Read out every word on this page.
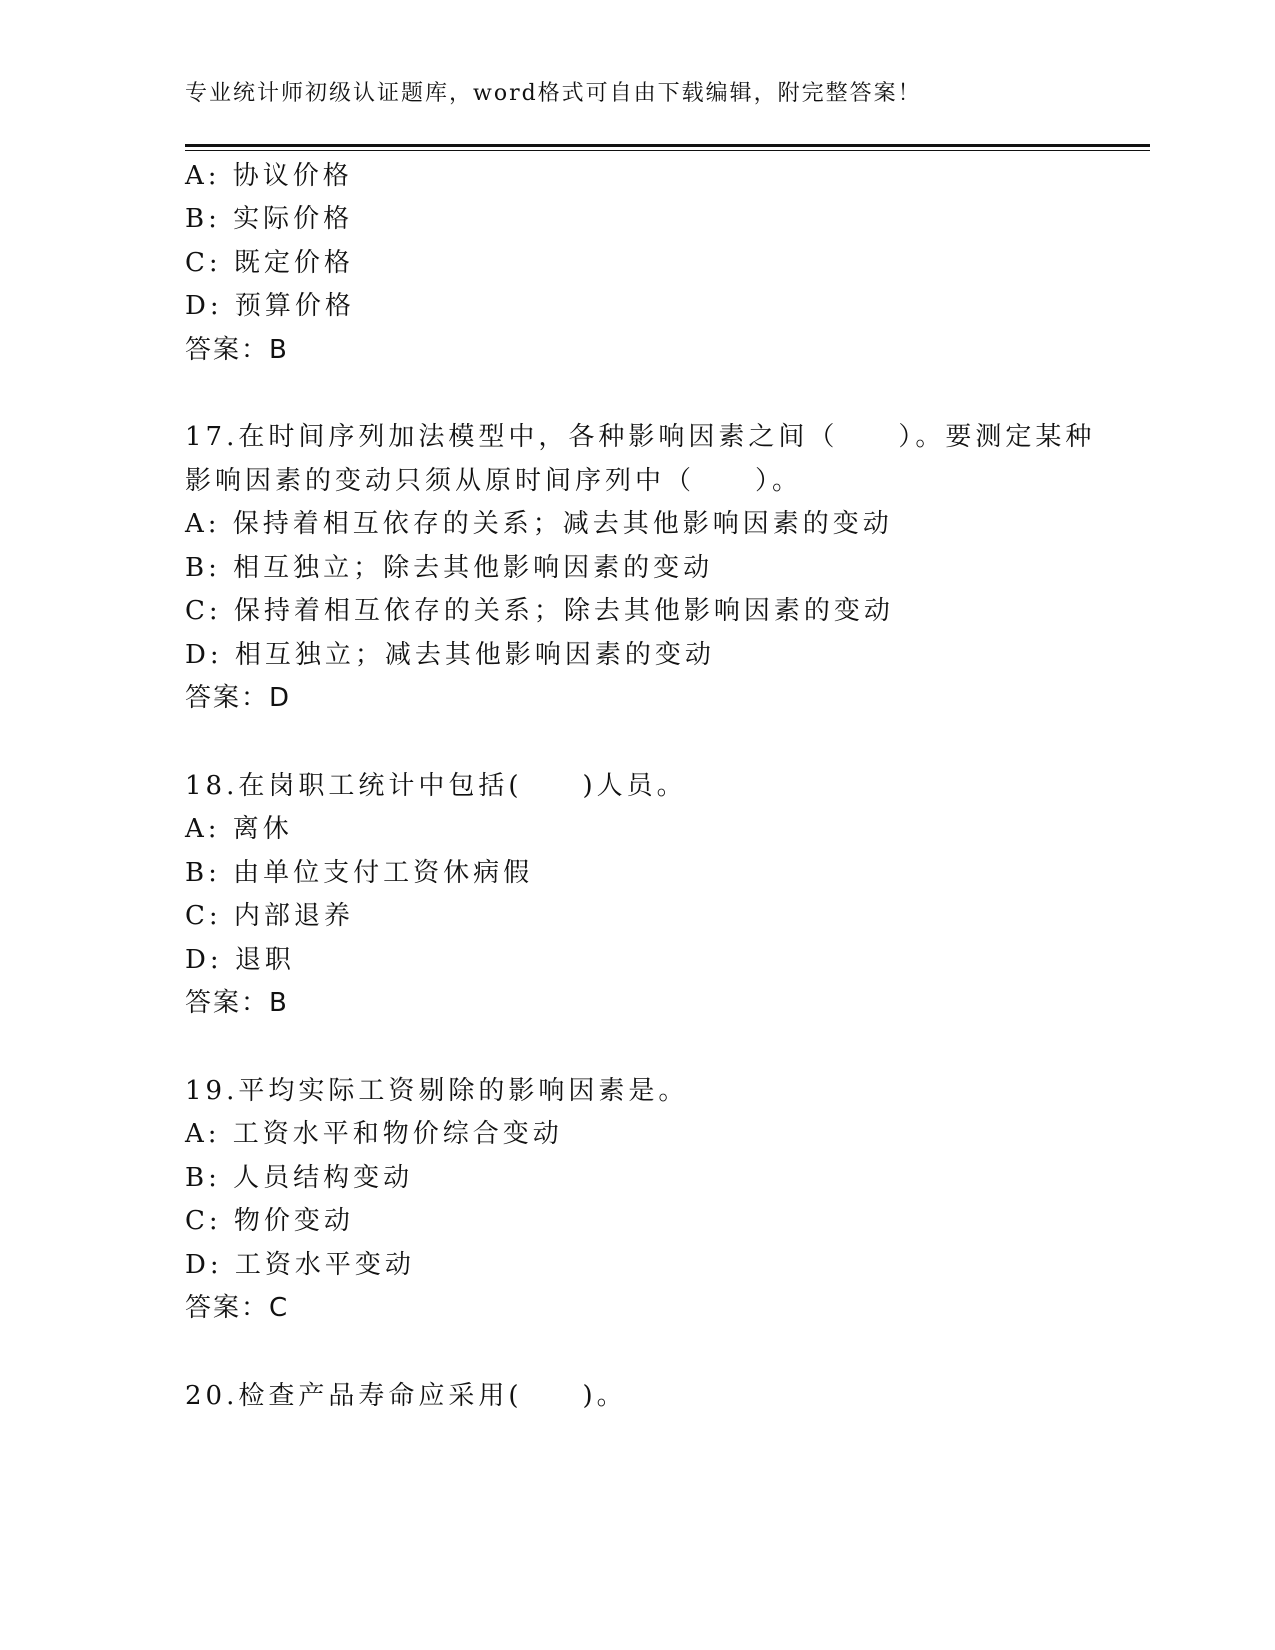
专业统计师初级认证题库，word格式可自由下载编辑，附完整答案！
A: 协议价格
B: 实际价格
C: 既定价格
D: 预算价格
答案：B
17.在时间序列加法模型中，各种影响因素之间（　　）。要测定某种
影响因素的变动只须从原时间序列中（　　）。
A: 保持着相互依存的关系；减去其他影响因素的变动
B: 相互独立；除去其他影响因素的变动
C: 保持着相互依存的关系；除去其他影响因素的变动
D: 相互独立；减去其他影响因素的变动
答案：D
18.在岗职工统计中包括(　　)人员。
A: 离休
B: 由单位支付工资休病假
C: 内部退养
D: 退职
答案：B
19.平均实际工资剔除的影响因素是。
A: 工资水平和物价综合变动
B: 人员结构变动
C: 物价变动
D: 工资水平变动
答案：C
20.检查产品寿命应采用(　　)。
